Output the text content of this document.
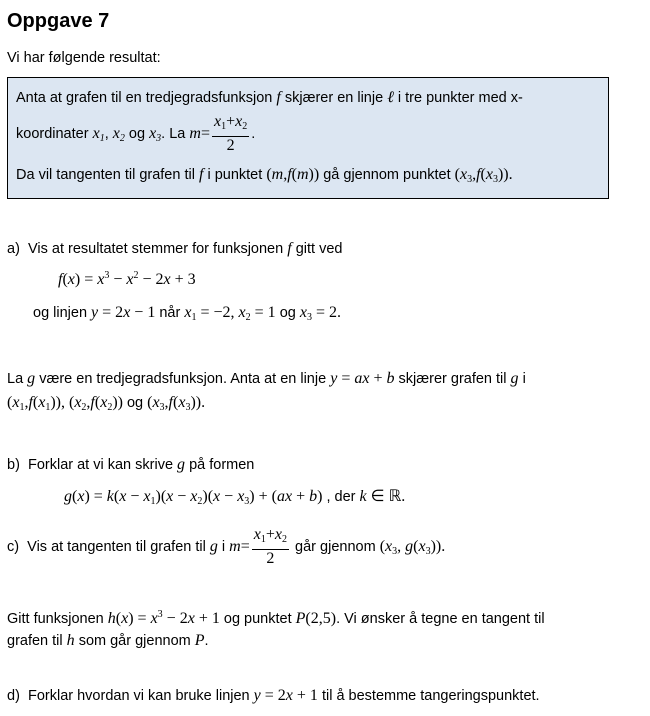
Oppgave 7
Vi har følgende resultat:
Anta at grafen til en tredjegradsfunksjon f skjærer en linje ℓ i tre punkter med x-
koordinater $x_1$, $x_2$ og $x_3$. La $m= \frac{x_1+x_2}{2}$ .
Da vil tangenten til grafen til f i punktet (m,f(m)) gå gjennom punktet $(x_3,f(x_3))$.
a) Vis at resultatet stemmer for funksjonen f gitt ved
$f(x) = x^3 - x^2 - 2x + 3$
og linjen y = 2x − 1 når $x_1 = -2$, $x_2 = 1$ og $x_3 = 2$.
La g være en tredjegradsfunksjon. Anta at en linje y = ax + b skjærer grafen til g i
$(x_1,f(x_1))$, $(x_2,f(x_2))$ og $(x_3,f(x_3))$.
b) Forklar at vi kan skrive g på formen
$g(x) = k(x - x_1)(x - x_2)(x - x_3) + (ax + b)$ , der k ∈ ℝ.
c) Vis at tangenten til grafen til g i $m= \frac{x_1+x_2}{2}$ går gjennom ($x_3$, $g(x_3)$).
Gitt funksjonen $h(x) = x^3 - 2x + 1$ og punktet P(2,5). Vi ønsker å tegne en tangent til
grafen til h som går gjennom P.
d) Forklar hvordan vi kan bruke linjen y = 2x + 1 til å bestemme tangeringspunktet.
